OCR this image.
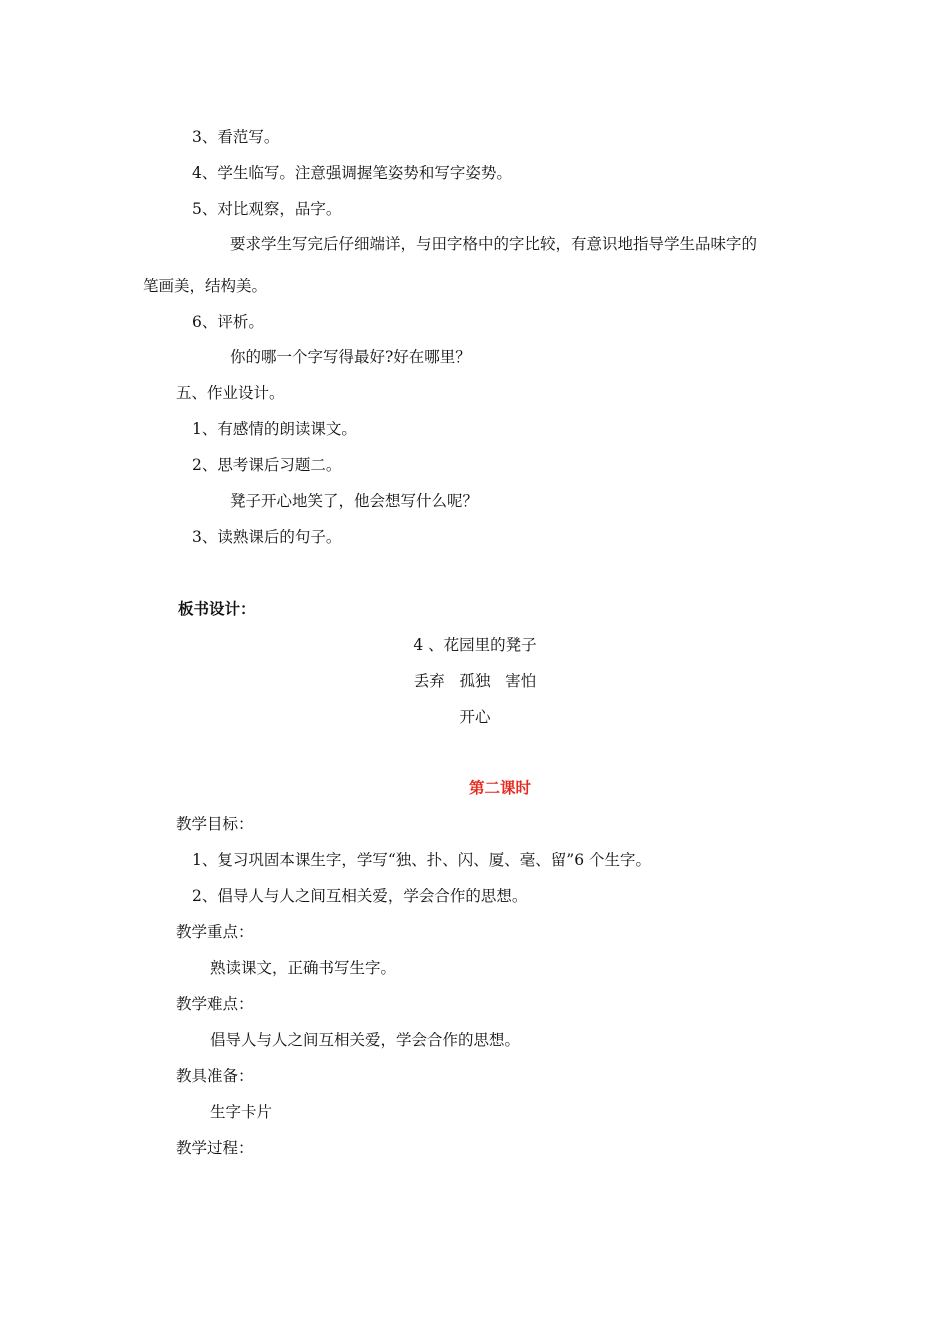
3、看范写。
4、学生临写。注意强调握笔姿势和写字姿势。
5、对比观察，品字。
要求学生写完后仔细端详，与田字格中的字比较，有意识地指导学生品味字的
笔画美，结构美。
6、评析。
你的哪一个字写得最好?好在哪里？
五、作业设计。
1、有感情的朗读课文。
2、思考课后习题二。
凳子开心地笑了，他会想写什么呢？
3、读熟课后的句子。
板书设计：
4 、花园里的凳子
丢弃   孤独   害怕
开心
第二课时
教学目标：
1、复习巩固本课生字，学写“独、扑、闪、厦、毫、留”6 个生字。
2、倡导人与人之间互相关爱，学会合作的思想。
教学重点：
熟读课文，正确书写生字。
教学难点：
倡导人与人之间互相关爱，学会合作的思想。
教具准备：
生字卡片
教学过程：
